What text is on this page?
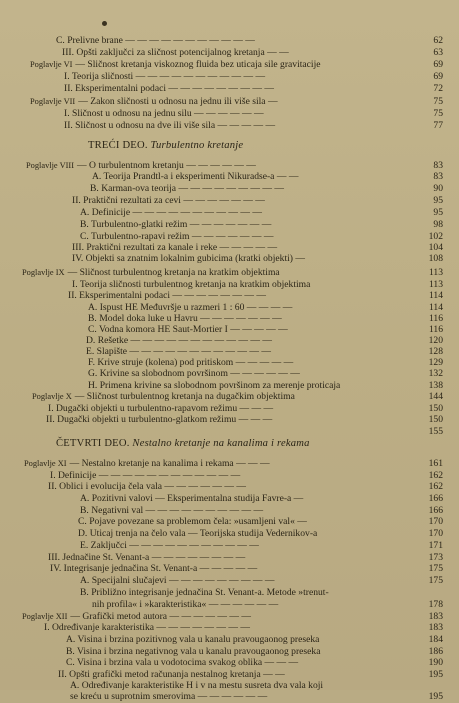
TREĆI DEO. Turbulentno kretanje
ČETVRTI DEO. Nestalno kretanje na kanalima i rekama
C. Prelivne brane — — — — — — — — — — —	62
III. Opšti zaključci za sličnost potencijalnog kretanja — —	63
Poglavlje VI — Sličnost kretanja viskoznog fluida bez uticaja sile gravitacije	69
I. Teorija sličnosti — — — — — — — — — — —	69
II. Eksperimentalni podaci — — — — — — — — —	72
Poglavlje VII — Zakon sličnosti u odnosu na jednu ili više sila —	75
I. Sličnost u odnosu na jednu silu — — — — — —	75
II. Sličnost u odnosu na dve ili više sila — — — — —	77
Poglavlje VIII — O turbulentnom kretanju — — — — — —	83
A. Teorija Prandtl-a i eksperimenti Nikuradse-a — —	83
B. Karman-ova teorija — — — — — — — — —	90
II. Praktični rezultati za cevi — — — — — — —	95
A. Definicije — — — — — — — — — — —	95
B. Turbulentno-glatki režim — — — — — — —	98
C. Turbulentno-rapavi režim — — — — — — —	102
III. Praktični rezultati za kanale i reke — — — — —	104
IV. Objekti sa znatnim lokalnim gubicima (kratki objekti) —	108
Poglavlje IX — Sličnost turbulentnog kretanja na kratkim objektima	113
I. Teorija sličnosti turbulentnog kretanja na kratkim objektima	113
II. Eksperimentalni podaci — — — — — — — —	114
A. Ispust HE Međuvršje u razmeri 1 : 60 — — — —	114
B. Model doka luke u Havru — — — — — — —	116
C. Vodna komora HE Saut-Mortier I — — — — —	116
D. Rešetke — — — — — — — — — — — —	120
E. Slapište — — — — — — — — — — — —	128
F. Krive struje (kolena) pod pritiskom — — — — —	129
G. Krivine sa slobodnom površinom — — — — — —	132
H. Primena krivine sa slobodnom površinom za merenje proticaja	138
Poglavlje X — Sličnost turbulentnog kretanja na dugačkim objektima	144
I. Dugački objekti u turbulentno-rapavom režimu — — —	150
II. Dugački objekti u turbulentno-glatkom režimu — — —	150
155
Poglavlje XI — Nestalno kretanje na kanalima i rekama — — —	161
I. Definicije — — — — — — — — — — — —	162
II. Oblici i evolucija čela vala — — — — — — —	162
A. Pozitivni valovi — Eksperimentalna studija Favre-a —	166
B. Negativni val — — — — — — — — — —	166
C. Pojave povezane sa problemom čela: »usamljeni val« —	170
D. Uticaj trenja na čelo vala — Teorijska studija Vedernikov-a	170
E. Zaključci — — — — — — — — — — —	171
III. Jednačine St. Venant-a — — — — — — — —	173
IV. Integrisanje jednačina St. Venant-a — — — — —	175
A. Specijalni slučajevi — — — — — — — — —	175
B. Približno integrisanje jednačina St. Venant-a. Metode »trenut-
nih profila« i »karakteristika« — — — — — —	178
Poglavlje XII — Grafički metod autora — — — — — — —	183
I. Određivanje karakteristika — — — — — — — —	183
A. Visina i brzina pozitivnog vala u kanalu pravougaonog preseka	184
B. Visina i brzina negativnog vala u kanalu pravougaonog preseka	186
C. Visina i brzina vala u vodotocima svakog oblika — — —	190
II. Opšti grafički metod računanja nestalnog kretanja — —	195
A. Određivanje karakteristike H i v na mestu susreta dva vala koji
se kreću u suprotnim smerovima — — — — — —	195
